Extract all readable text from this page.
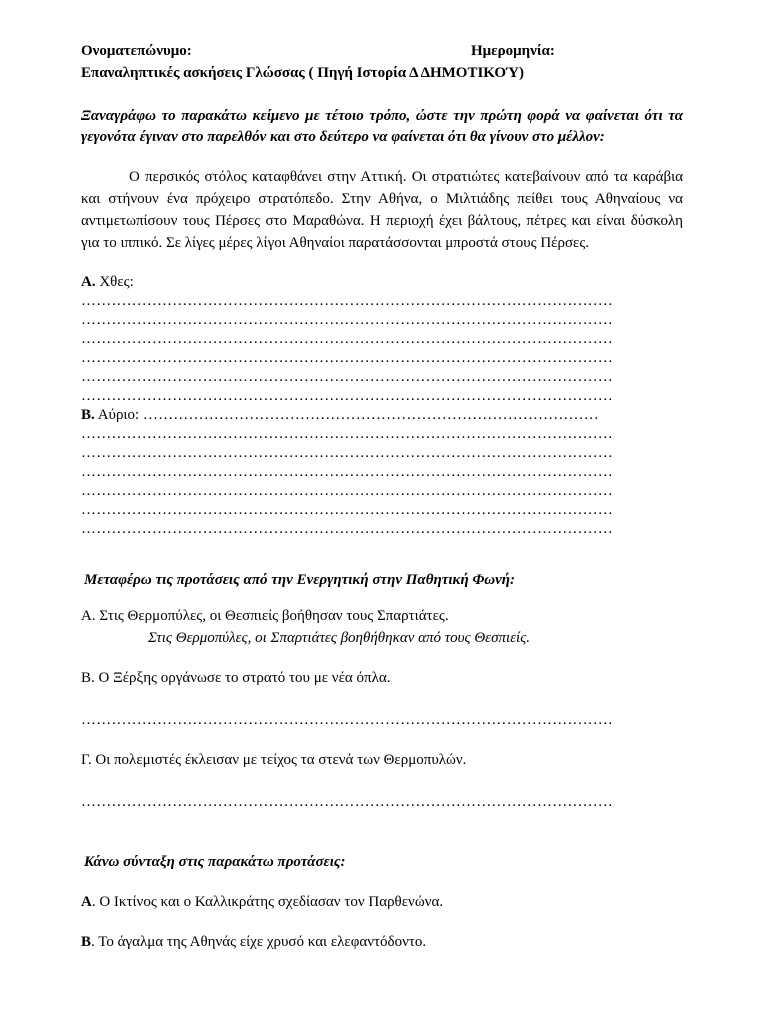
Ονοματεπώνυμο:	Ημερομηνία:
Επαναληπτικές ασκήσεις Γλώσσας ( Πηγή Ιστορία Δ ΔΗΜΟΤΙΚΟΎ)
Ξαναγράφω το παρακάτω κείμενο με τέτοιο τρόπο, ώστε την πρώτη φορά να φαίνεται ότι τα γεγονότα έγιναν στο παρελθόν και στο δεύτερο να φαίνεται ότι θα γίνουν στο μέλλον:
Ο περσικός στόλος καταφθάνει στην Αττική. Οι στρατιώτες κατεβαίνουν από τα καράβια και στήνουν ένα πρόχειρο στρατόπεδο. Στην Αθήνα, ο Μιλτιάδης πείθει τους Αθηναίους να αντιμετωπίσουν τους Πέρσες στο Μαραθώνα. Η περιοχή έχει βάλτους, πέτρες και είναι δύσκολη για το ιππικό. Σε λίγες μέρες λίγοι Αθηναίοι παρατάσσονται μπροστά στους Πέρσες.
Α. Χθες:
……………………………………………………………………………………………
……………………………………………………………………………………………
……………………………………………………………………………………………
……………………………………………………………………………………………
……………………………………………………………………………………………
……………………………………………………………………………………………
Β. Αύριο: ………………………………………………………………………………
……………………………………………………………………………………………
……………………………………………………………………………………………
……………………………………………………………………………………………
……………………………………………………………………………………………
……………………………………………………………………………………………
……………………………………………………………………………………………
Μεταφέρω τις προτάσεις από την Ενεργητική στην Παθητική Φωνή:
Α. Στις Θερμοπύλες, οι Θεσπιείς βοήθησαν τους Σπαρτιάτες.
Στις Θερμοπύλες, οι Σπαρτιάτες βοηθήθηκαν από τους Θεσπιείς.
Β. Ο Ξέρξης οργάνωσε το στρατό του με νέα όπλα.
……………………………………………………………………………………………
Γ. Οι πολεμιστές έκλεισαν με τείχος τα στενά των Θερμοπυλών.
……………………………………………………………………………………………
Κάνω σύνταξη στις παρακάτω προτάσεις:
Α. Ο Ικτίνος και ο Καλλικράτης σχεδίασαν τον Παρθενώνα.
Β. Το άγαλμα της Αθηνάς είχε χρυσό και ελεφαντόδοντο.
